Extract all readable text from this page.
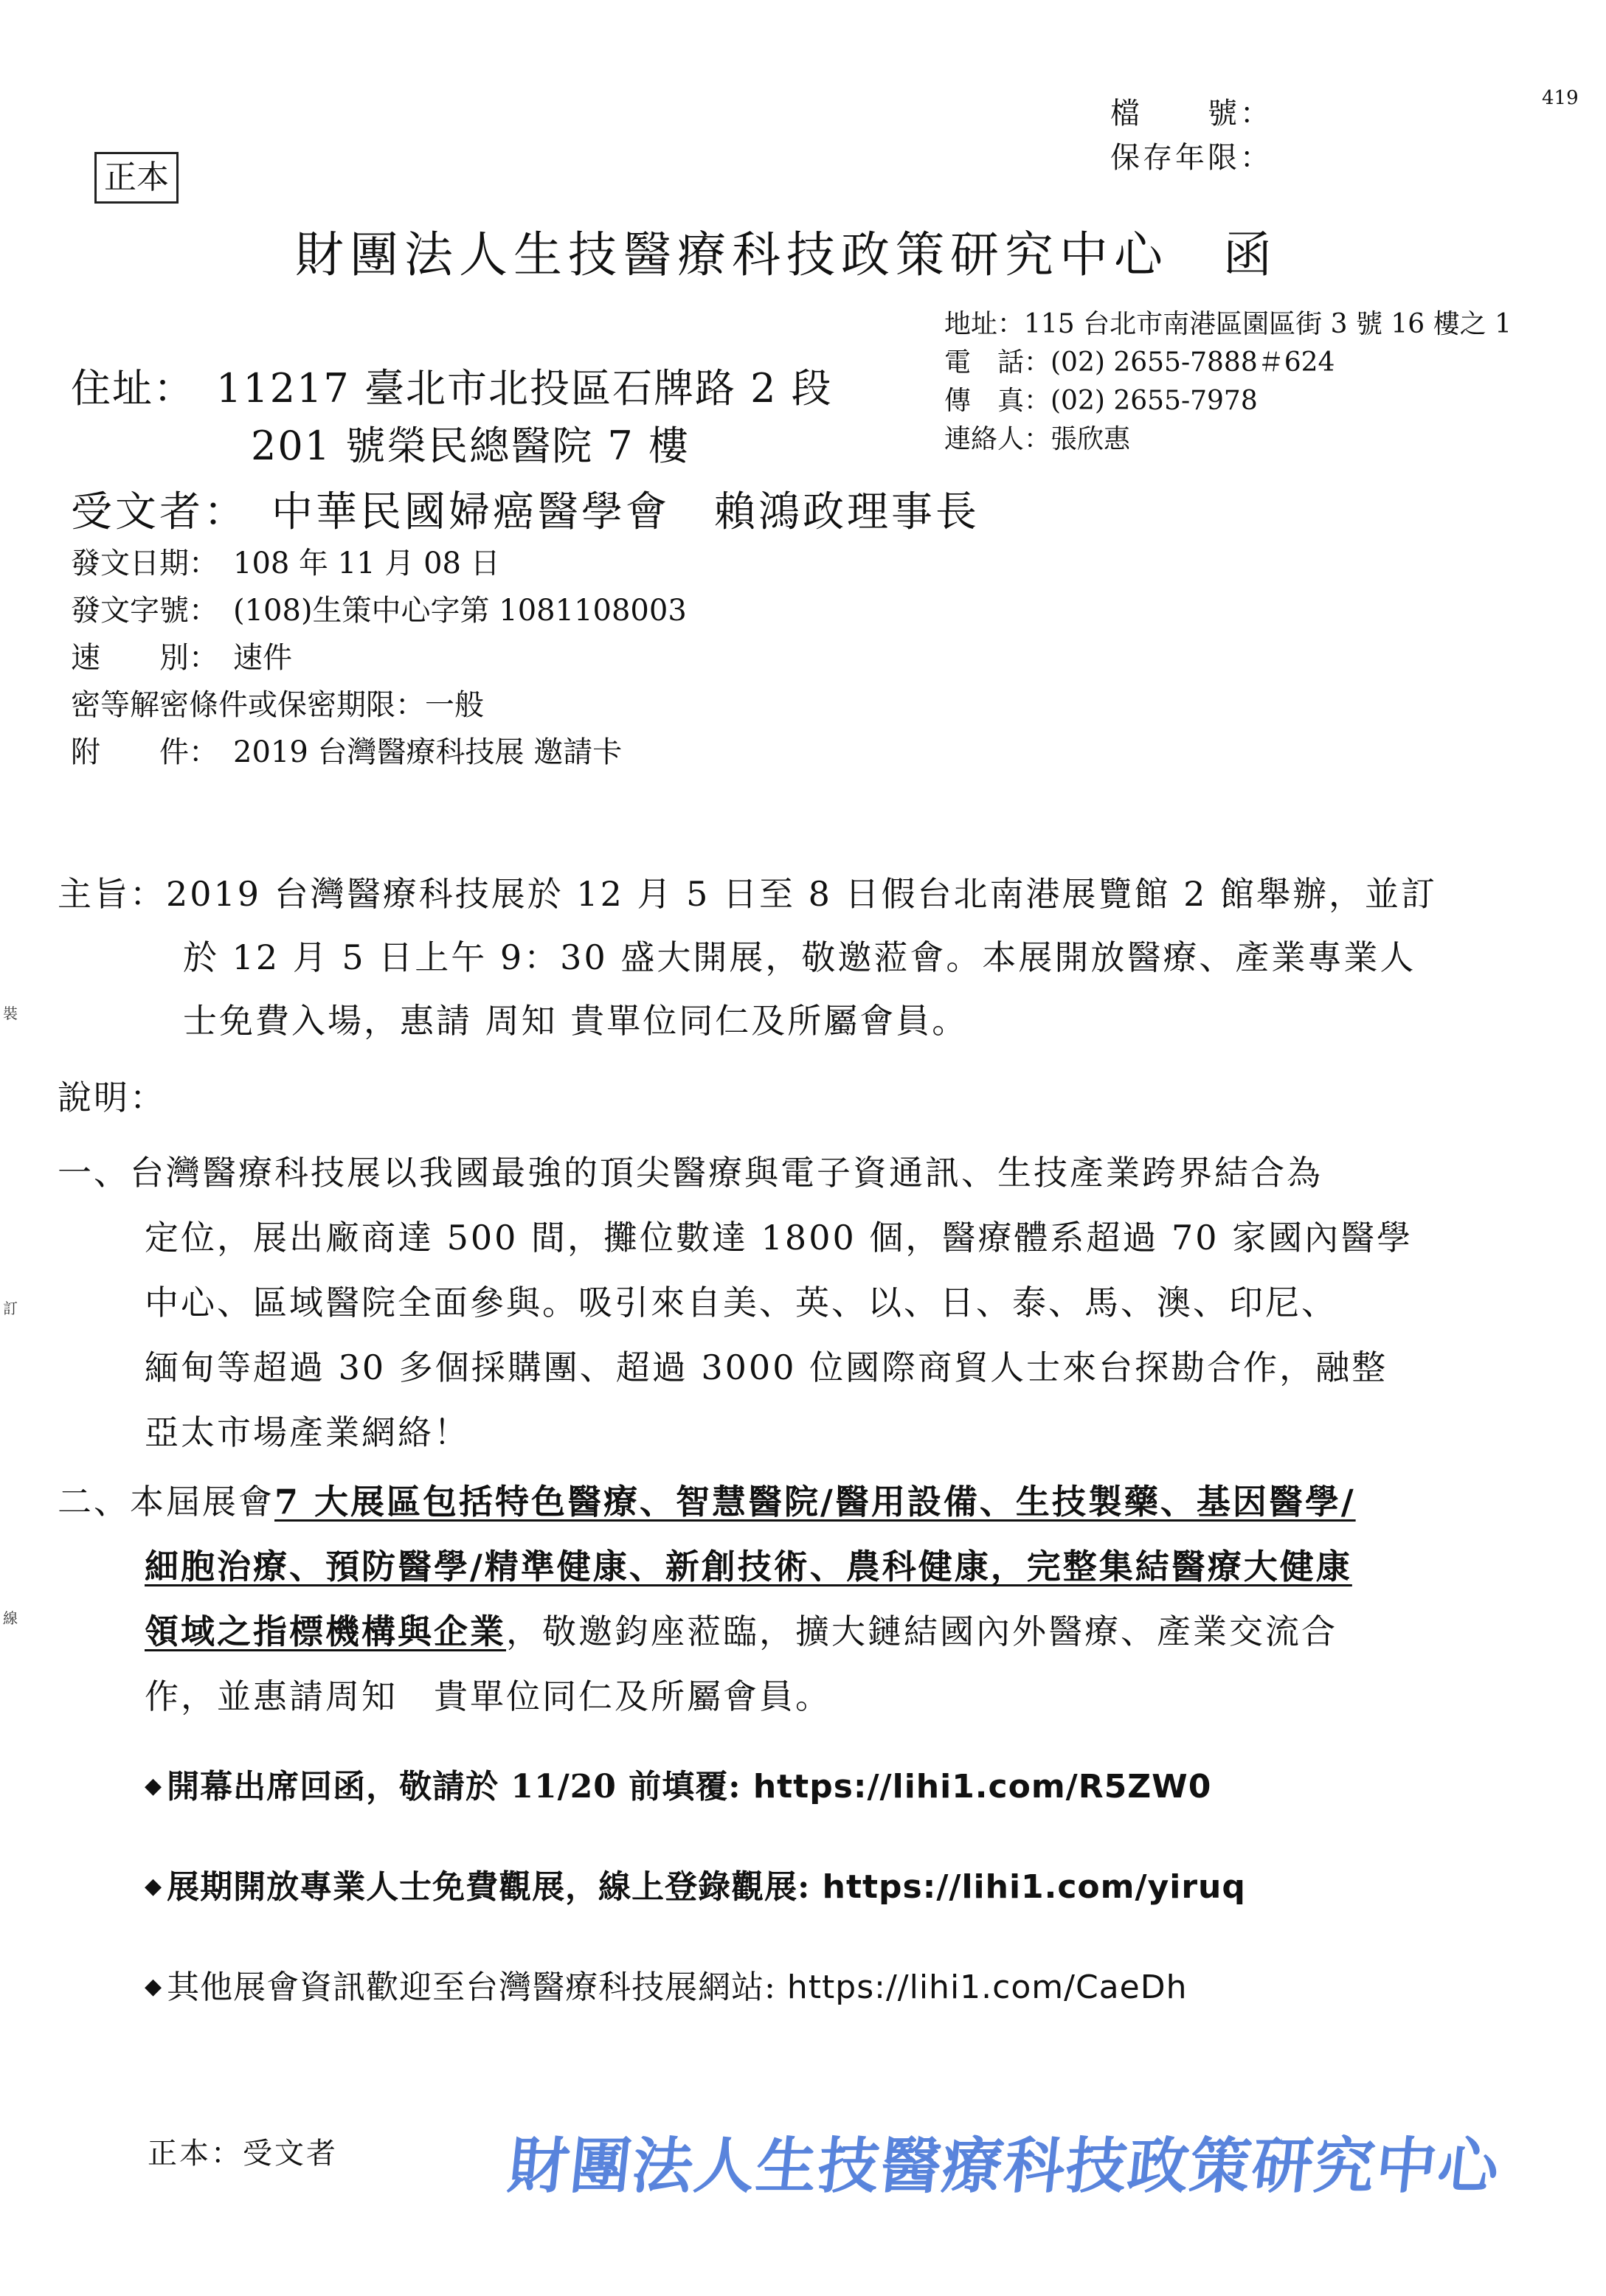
419
檔　　號：
保存年限：
正本
財團法人生技醫療科技政策研究中心　函
地址：115 台北市南港區園區街 3 號 16 樓之 1
電　話：(02) 2655-7888＃624
傳　真：(02) 2655-7978
連絡人：張欣惠
住址：　11217 臺北市北投區石牌路 2 段
201 號榮民總醫院 7 樓
受文者：　中華民國婦癌醫學會　賴鴻政理事長
發文日期：　108 年 11 月 08 日
發文字號：　(108)生策中心字第 1081108003
速　　別：　速件
密等解密條件或保密期限：一般
附　　件：　2019 台灣醫療科技展 邀請卡
裝
訂
線
主旨：2019 台灣醫療科技展於 12 月 5 日至 8 日假台北南港展覽館 2 館舉辦，並訂
於 12 月 5 日上午 9：30 盛大開展，敬邀蒞會。本展開放醫療、產業專業人
士免費入場，惠請 周知 貴單位同仁及所屬會員。
說明：
一、台灣醫療科技展以我國最強的頂尖醫療與電子資通訊、生技產業跨界結合為
定位，展出廠商達 500 間，攤位數達 1800 個，醫療體系超過 70 家國內醫學
中心、區域醫院全面參與。吸引來自美、英、以、日、泰、馬、澳、印尼、
緬甸等超過 30 多個採購團、超過 3000 位國際商貿人士來台探勘合作，融整
亞太市場產業網絡！
二、本屆展會7 大展區包括特色醫療、智慧醫院/醫用設備、生技製藥、基因醫學/
細胞治療、預防醫學/精準健康、新創技術、農科健康，完整集結醫療大健康
領域之指標機構與企業，敬邀鈞座蒞臨，擴大鏈結國內外醫療、產業交流合
作，並惠請周知　貴單位同仁及所屬會員。
◆ 開幕出席回函，敬請於 11/20 前填覆: https://lihi1.com/R5ZW0
◆ 展期開放專業人士免費觀展，線上登錄觀展: https://lihi1.com/yiruq
◆ 其他展會資訊歡迎至台灣醫療科技展網站: https://lihi1.com/CaeDh
正本：受文者	財團法人生技醫療科技政策研究中心
